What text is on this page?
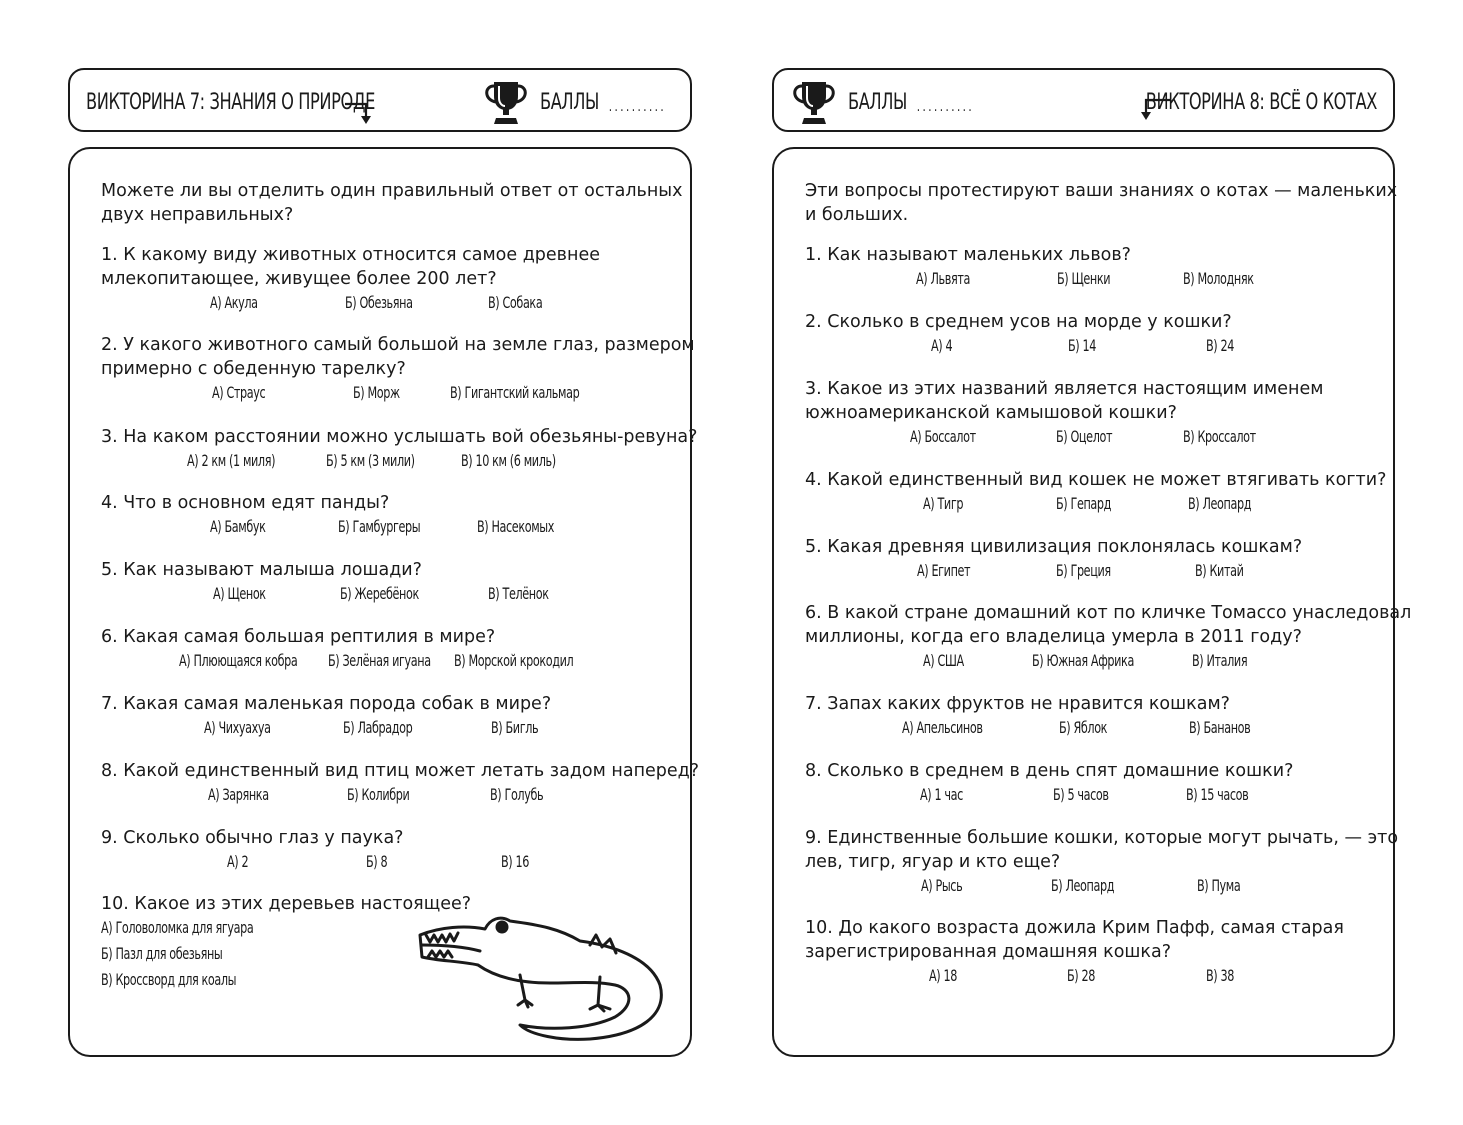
ВИКТОРИНА 7: ЗНАНИЯ О ПРИРОДЕ	БАЛЛЫ ..........	БАЛЛЫ ..........	ВИКТОРИНА 8: ВСЁ О КОТАХ
Можете ли вы отделить один правильный ответ от остальных
двух неправильных?
1. К какому виду животных относится самое древнее
млекопитающее, живущее более 200 лет?
А) Акула	Б) Обезьяна	В) Собака
2. У какого животного самый большой на земле глаз, размером
примерно с обеденную тарелку?
А) Страус	Б) Морж	В) Гигантский кальмар
3. На каком расстоянии можно услышать вой обезьяны-ревуна?
А) 2 км (1 миля)	Б) 5 км (3 мили)	В) 10 км (6 миль)
4. Что в основном едят панды?
А) Бамбук	Б) Гамбургеры	В) Насекомых
5. Как называют малыша лошади?
А) Щенок	Б) Жеребёнок	В) Телёнок
6. Какая самая большая рептилия в мире?
А) Плюющаяся кобра Б) Зелёная игуана В) Морской крокодил
7. Какая самая маленькая порода собак в мире?
А) Чихуахуа	Б) Лабрадор	В) Бигль
8. Какой единственный вид птиц может летать задом наперед?
А) Зарянка	Б) Колибри	В) Голубь
9. Сколько обычно глаз у паука?
А) 2	Б) 8	В) 16
10. Какое из этих деревьев настоящее?
А) Головоломка для ягуара
Б) Пазл для обезьяны
В) Кроссворд для коалы
Эти вопросы протестируют ваши знаниях о котах — маленьких
и больших.
1. Как называют маленьких львов?
А) Львята	Б) Щенки	В) Молодняк
2. Сколько в среднем усов на морде у кошки?
А) 4	Б) 14	В) 24
3. Какое из этих названий является настоящим именем
южноамериканской камышовой кошки?
А) Боссалот	Б) Оцелот	В) Кроссалот
4. Какой единственный вид кошек не может втягивать когти?
А) Тигр	Б) Гепард	В) Леопард
5. Какая древняя цивилизация поклонялась кошкам?
А) Египет	Б) Греция	В) Китай
6. В какой стране домашний кот по кличке Томассо унаследовал
миллионы, когда его владелица умерла в 2011 году?
А) США	Б) Южная Африка	В) Италия
7. Запах каких фруктов не нравится кошкам?
А) Апельсинов	Б) Яблок	В) Бананов
8. Сколько в среднем в день спят домашние кошки?
А) 1 час	Б) 5 часов	В) 15 часов
9. Единственные большие кошки, которые могут рычать, — это
лев, тигр, ягуар и кто еще?
А) Рысь	Б) Леопард	В) Пума
10. До какого возраста дожила Крим Пафф, самая старая
зарегистрированная домашняя кошка?
А) 18	Б) 28	В) 38
